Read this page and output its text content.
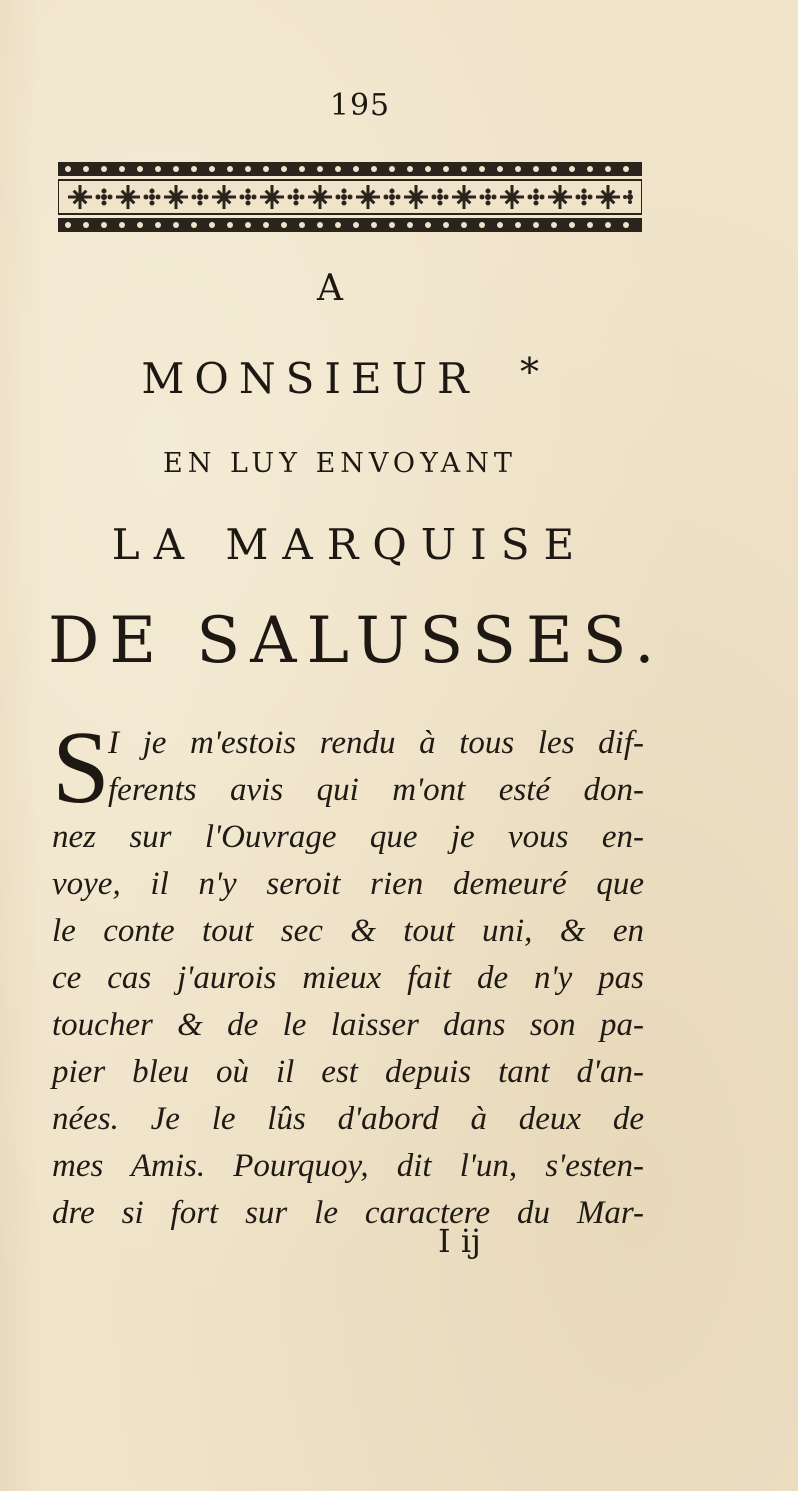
195
A
MONSIEUR	*
EN LUY ENVOYANT
LA MARQUISE
DE SALUSSES.
S
I je m'estois rendu à tous les dif-
ferents avis qui m'ont esté don-
nez sur l'Ouvrage que je vous en-
voye, il n'y seroit rien demeuré que
le conte tout sec & tout uni, & en
ce cas j'aurois mieux fait de n'y pas
toucher & de le laisser dans son pa-
pier bleu où il est depuis tant d'an-
nées. Je le lûs d'abord à deux de
mes Amis. Pourquoy, dit l'un, s'esten-
dre si fort sur le caractere du Mar-
I ij
